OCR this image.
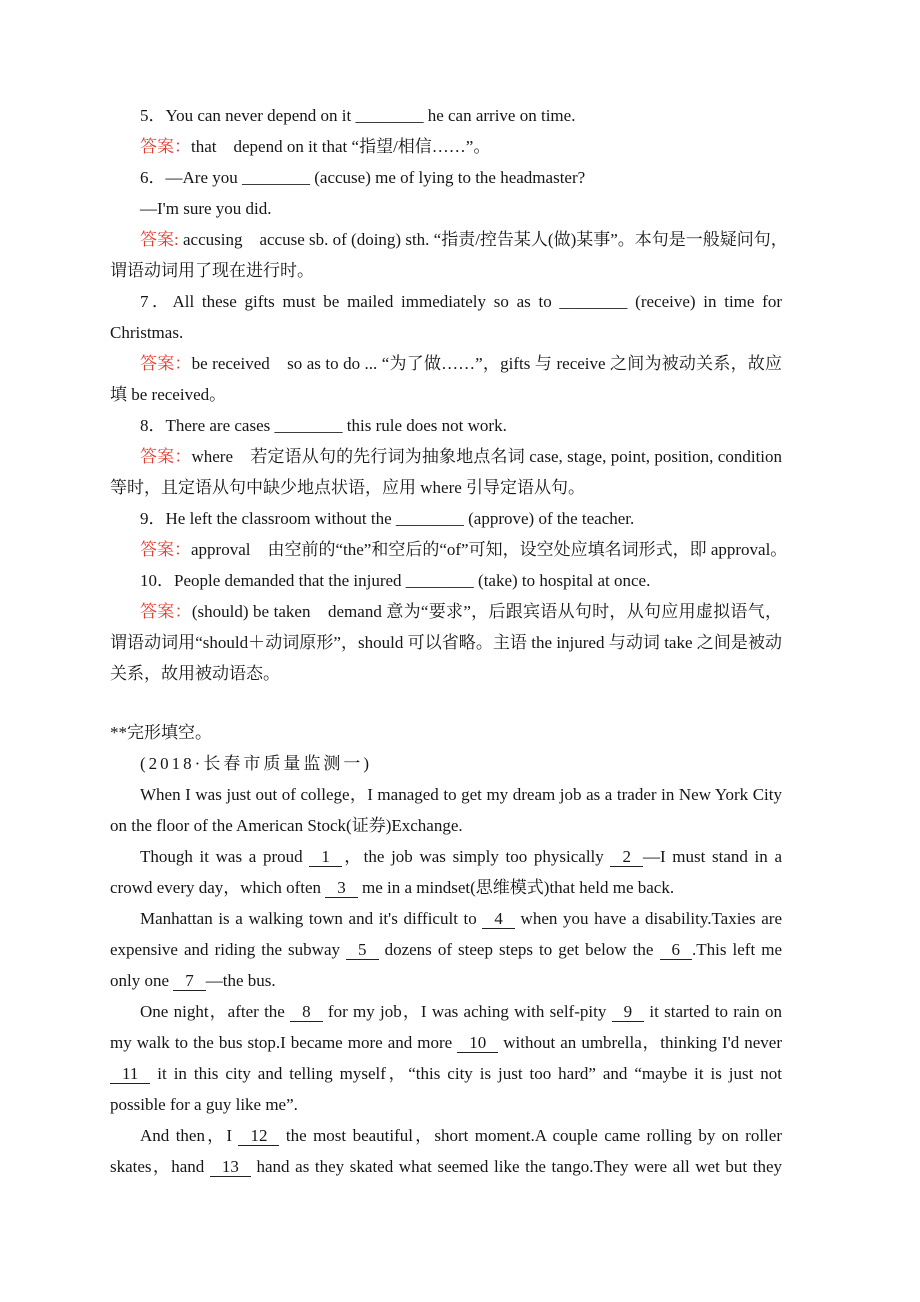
5．You can never depend on it ________ he can arrive on time.
答案：that　depend on it that “指望/相信……”。
6．—Are you ________ (accuse) me of lying to the headmaster?
—I'm sure you did.
答案: accusing　accuse sb. of (doing) sth. “指责/控告某人(做)某事”。本句是一般疑问句，
谓语动词用了现在进行时。
7．All these gifts must be mailed immediately so as to ________ (receive) in time for
Christmas.
答案：be received　so as to do ... “为了做……”，gifts 与 receive 之间为被动关系，故应
填 be received。
8．There are cases ________ this rule does not work.
答案：where　若定语从句的先行词为抽象地点名词 case, stage, point, position, condition
等时，且定语从句中缺少地点状语，应用 where 引导定语从句。
9．He left the classroom without the ________ (approve) of the teacher.
答案：approval　由空前的“the”和空后的“of”可知，设空处应填名词形式，即 approval。
10．People demanded that the injured ________ (take) to hospital at once.
答案：(should) be taken　demand 意为“要求”，后跟宾语从句时，从句应用虚拟语气，
谓语动词用“should＋动词原形”，should 可以省略。主语 the injured 与动词 take 之间是被动
关系，故用被动语态。
**完形填空。
(2018·长春市质量监测一)
When I was just out of college，I managed to get my dream job as a trader in New York City
on the floor of the American Stock(证券)Exchange.
Though it was a proud 1 ，the job was simply too physically 2 —I must stand in a
crowd every day，which often 3 me in a mindset(思维模式)that held me back.
Manhattan is a walking town and it's difficult to 4 when you have a disability.Taxies are
expensive and riding the subway 5 dozens of steep steps to get below the 6 .This left me
only one 7 —the bus.
One night，after the 8 for my job，I was aching with self-pity 9 it started to rain on
my walk to the bus stop.I became more and more 10 without an umbrella，thinking I'd never
11 it in this city and telling myself，“this city is just too hard” and “maybe it is just not
possible for a guy like me”.
And then，I 12 the most beautiful，short moment.A couple came rolling by on roller
skates，hand 13 hand as they skated what seemed like the tango.They were all wet but they
